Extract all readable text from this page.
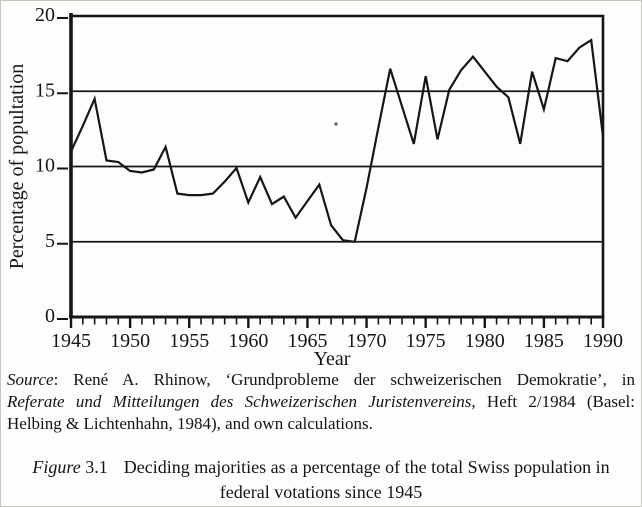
0
5
10
15
20
1945 1950 1955 1960 1965 1970 1975 1980 1985 1990
Year
Percentage of popultation

Source: René A. Rhinow, ‘Grundprobleme der schweizerischen Demokratie’, in

Referate und Mitteilungen des Schweizerischen Juristenvereins, Heft 2/1984 (Basel:

Helbing & Lichtenhahn, 1984), and own calculations.

Figure 3.1 Deciding majorities as a percentage of the total Swiss population in
federal votations since 1945
